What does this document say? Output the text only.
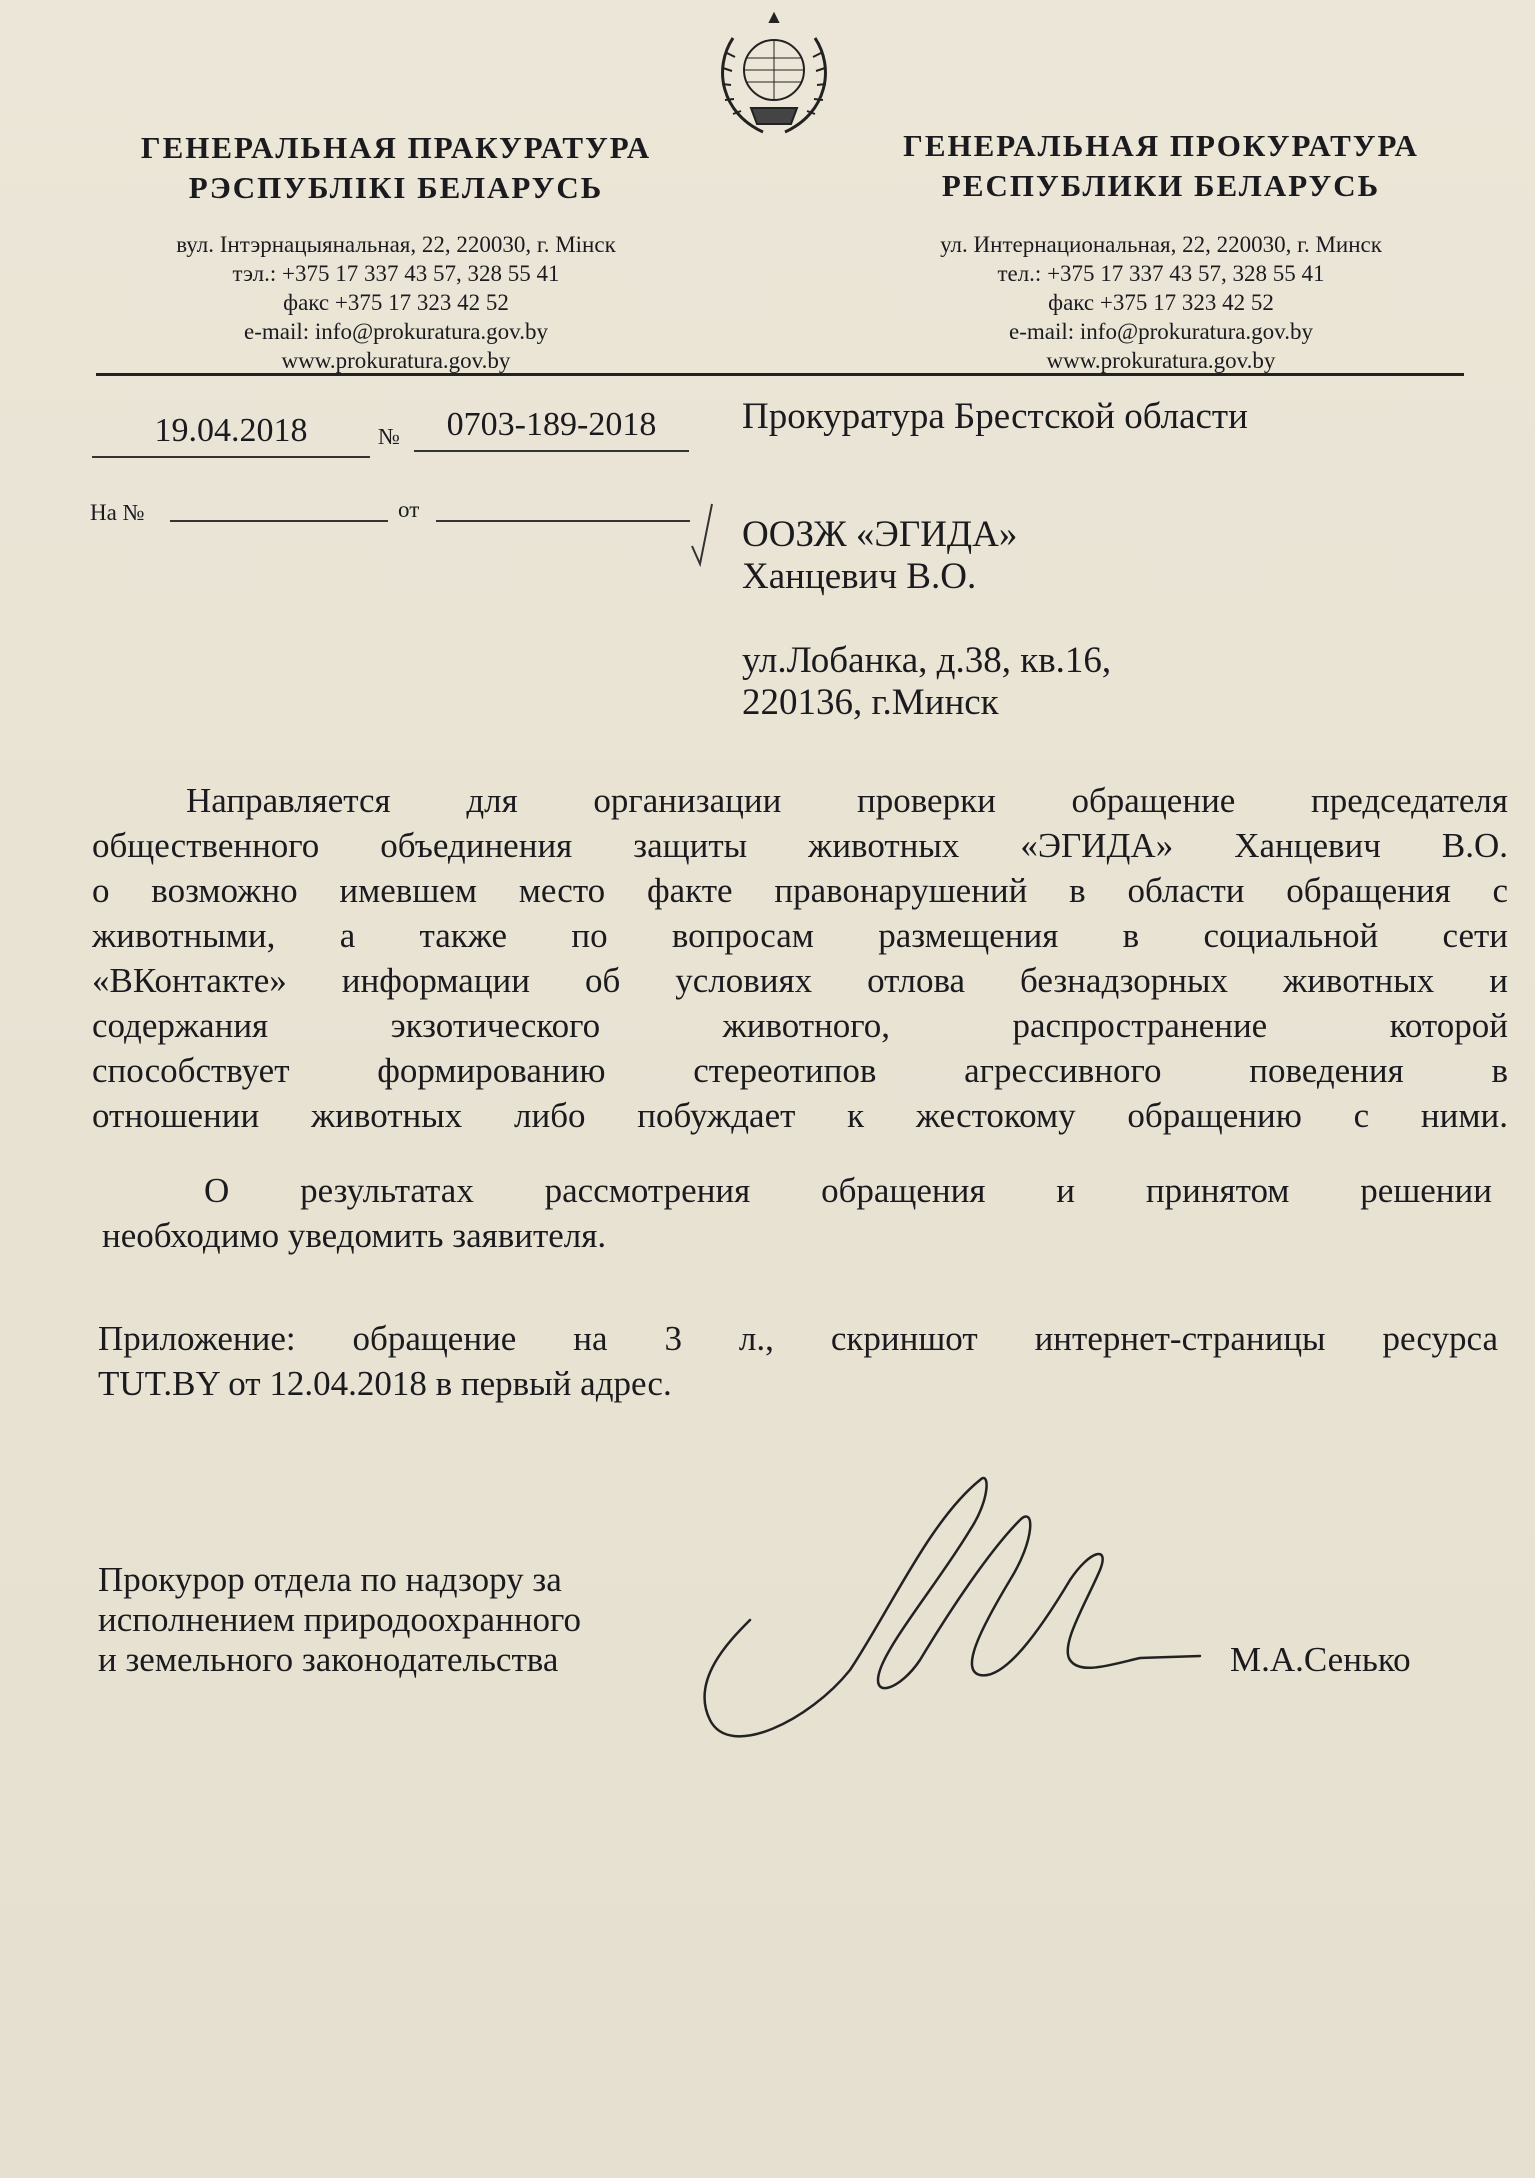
ГЕНЕРАЛЬНАЯ ПРАКУРАТУРА
РЭСПУБЛІКІ БЕЛАРУСЬ
вул. Інтэрнацыянальная, 22, 220030, г. Мінск
тэл.: +375 17 337 43 57, 328 55 41
факс +375 17 323 42 52
e-mail: info@prokuratura.gov.by
www.prokuratura.gov.by
ГЕНЕРАЛЬНАЯ ПРОКУРАТУРА
РЕСПУБЛИКИ БЕЛАРУСЬ
ул. Интернациональная, 22, 220030, г. Минск
тел.: +375 17 337 43 57, 328 55 41
факс +375 17 323 42 52
e-mail: info@prokuratura.gov.by
www.prokuratura.gov.by
19.04.2018	№	0703-189-2018
На №	от
Прокуратура Брестской области
ООЗЖ «ЭГИДА»
Ханцевич В.О.
ул.Лобанка, д.38, кв.16,
220136, г.Минск
Направляется для организации проверки обращение председателя
общественного объединения защиты животных «ЭГИДА» Ханцевич В.О.
о возможно имевшем место факте правонарушений в области обращения с
животными, а также по вопросам размещения в социальной сети
«ВКонтакте» информации об условиях отлова безнадзорных животных и
содержания экзотического животного, распространение которой
способствует формированию стереотипов агрессивного поведения в
отношении животных либо побуждает к жестокому обращению с ними.
О результатах рассмотрения обращения и принятом решении
необходимо уведомить заявителя.
Приложение: обращение на 3 л., скриншот интернет-страницы ресурса
TUT.BY от 12.04.2018 в первый адрес.
Прокурор отдела по надзору за
исполнением природоохранного
и земельного законодательства	М.А.Сенько
